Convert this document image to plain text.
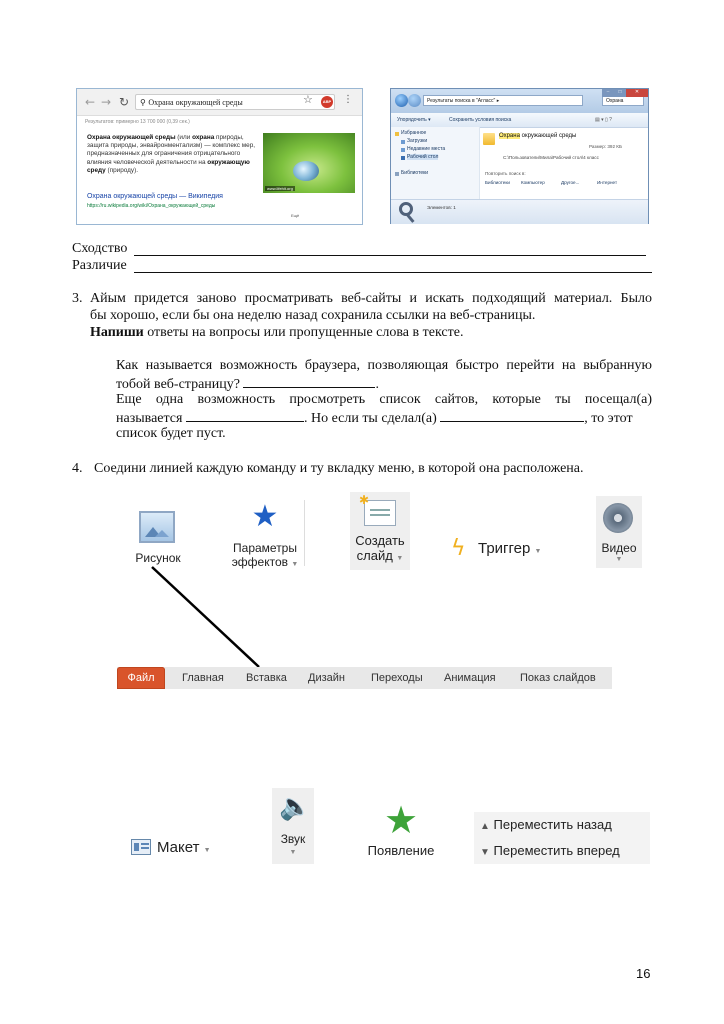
← → ↻	⚲ Охрана окружающей среды	☆	ABP ⋮
Результатов: примерно 13 700 000 (0,39 сек.)
Охрана окружающей среды (или охрана природы, защита природы, энвайронментализм) — комплекс мер, предназначенных для ограничения отрицательного влияния человеческой деятельности на окружающую среду (природу).
Охрана окружающей среды — Википедия
https://ru.wikipedia.org/wiki/Охрана_окружающей_среды
www.lifehit.org
Ещё
Результаты поиска в "Агласс" ▸	Охрана
–	□	✕
Упорядочить ▾	Сохранить условия поиска	▤ ▾ ▯ ?
Избранное
Загрузки
Недавние места
Рабочий стол
Библиотеки
Охрана окружающей среды
Размер: 392 КБ
C:\Пользователи\Мила\Рабочий стол\4 класс
Повторить поиск в:
Библиотеки Компьютер	Другое...	Интернет
Элементов: 1
Сходство
Различие
3. Айым придется заново просматривать веб-сайты и искать подходящий материал. Было
бы хорошо, если бы она неделю назад сохранила ссылки на веб-страницы.
Напиши ответы на вопросы или пропущенные слова в тексте.
Как называется возможность браузера, позволяющая быстро перейти на выбранную
тобой веб-страницу?	.
Еще  одна  возможность  просмотреть  список  сайтов,  которые  ты  посещал(а)
называется	. Но если ты сделал(а)	, то этот
список будет пуст.
4. Соедини линией каждую команду и ту вкладку меню, в которой она расположена.
Рисунок
★
Параметры
эффектов ▼
✱
Создать
слайд ▼	ϟ Триггер ▼	Видео
▼
Файл	Главная Вставка Дизайн Переходы Анимация Показ слайдов
Макет ▼
🔈
Звук
▼
★
Появление
▲ Переместить назад
▼ Переместить вперед
16
